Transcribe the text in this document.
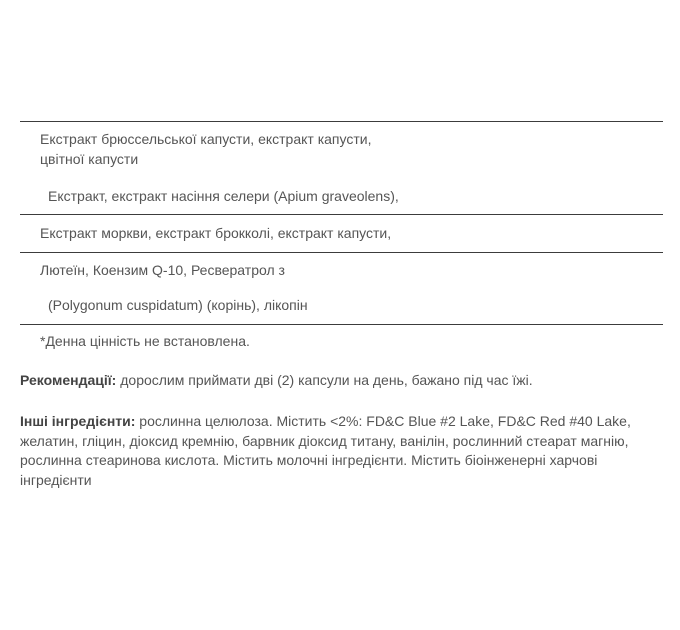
Екстракт брюссельської капусти, екстракт капусти,
цвітної капусти
Екстракт, екстракт насіння селери (Apium graveolens),
Екстракт моркви, екстракт брокколі, екстракт капусти,
Лютеїн, Коензим Q-10, Ресвератрол з
(Polygonum cuspidatum) (корінь), лікопін
*Денна цінність не встановлена.
Рекомендації: дорослим приймати дві (2) капсули на день, бажано під час їжі.
Інші інгредієнти: рослинна целюлоза. Містить <2%: FD&C Blue #2 Lake, FD&C Red #40 Lake, желатин, гліцин, діоксид кремнію, барвник діоксид титану, ванілін, рослинний стеарат магнію, рослинна стеаринова кислота. Містить молочні інгредієнти. Містить біоінженерні харчові інгредієнти
